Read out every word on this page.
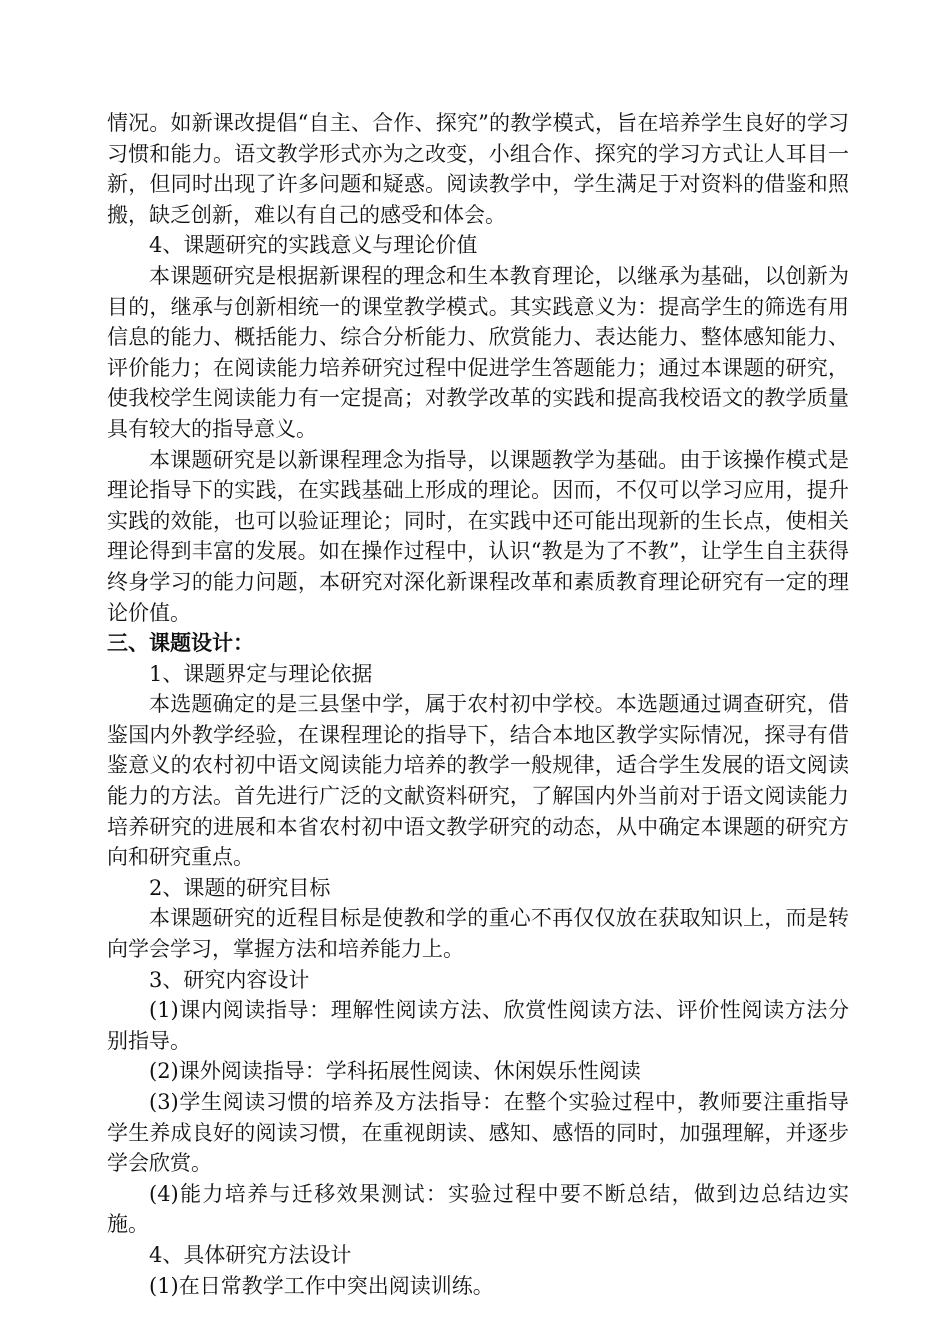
情况。如新课改提倡“自主、合作、探究”的教学模式，旨在培养学生良好的学习习惯和能力。语文教学形式亦为之改变，小组合作、探究的学习方式让人耳目一新，但同时出现了许多问题和疑惑。阅读教学中，学生满足于对资料的借鉴和照搬，缺乏创新，难以有自己的感受和体会。

4、课题研究的实践意义与理论价值

本课题研究是根据新课程的理念和生本教育理论，以继承为基础，以创新为目的，继承与创新相统一的课堂教学模式。其实践意义为：提高学生的筛选有用信息的能力、概括能力、综合分析能力、欣赏能力、表达能力、整体感知能力、评价能力；在阅读能力培养研究过程中促进学生答题能力；通过本课题的研究，使我校学生阅读能力有一定提高；对教学改革的实践和提高我校语文的教学质量具有较大的指导意义。

本课题研究是以新课程理念为指导，以课题教学为基础。由于该操作模式是理论指导下的实践，在实践基础上形成的理论。因而，不仅可以学习应用，提升实践的效能，也可以验证理论；同时，在实践中还可能出现新的生长点，使相关理论得到丰富的发展。如在操作过程中，认识“教是为了不教”，让学生自主获得终身学习的能力问题，本研究对深化新课程改革和素质教育理论研究有一定的理论价值。

三、课题设计：

1、课题界定与理论依据

本选题确定的是三县堡中学，属于农村初中学校。本选题通过调查研究，借鉴国内外教学经验，在课程理论的指导下，结合本地区教学实际情况，探寻有借鉴意义的农村初中语文阅读能力培养的教学一般规律，适合学生发展的语文阅读能力的方法。首先进行广泛的文献资料研究，了解国内外当前对于语文阅读能力培养研究的进展和本省农村初中语文教学研究的动态，从中确定本课题的研究方向和研究重点。

2、课题的研究目标

本课题研究的近程目标是使教和学的重心不再仅仅放在获取知识上，而是转向学会学习，掌握方法和培养能力上。

3、研究内容设计

(1)课内阅读指导：理解性阅读方法、欣赏性阅读方法、评价性阅读方法分别指导。

(2)课外阅读指导：学科拓展性阅读、休闲娱乐性阅读

(3)学生阅读习惯的培养及方法指导：在整个实验过程中，教师要注重指导学生养成良好的阅读习惯，在重视朗读、感知、感悟的同时，加强理解，并逐步学会欣赏。

(4)能力培养与迁移效果测试：实验过程中要不断总结，做到边总结边实施。

4、具体研究方法设计

(1)在日常教学工作中突出阅读训练。
